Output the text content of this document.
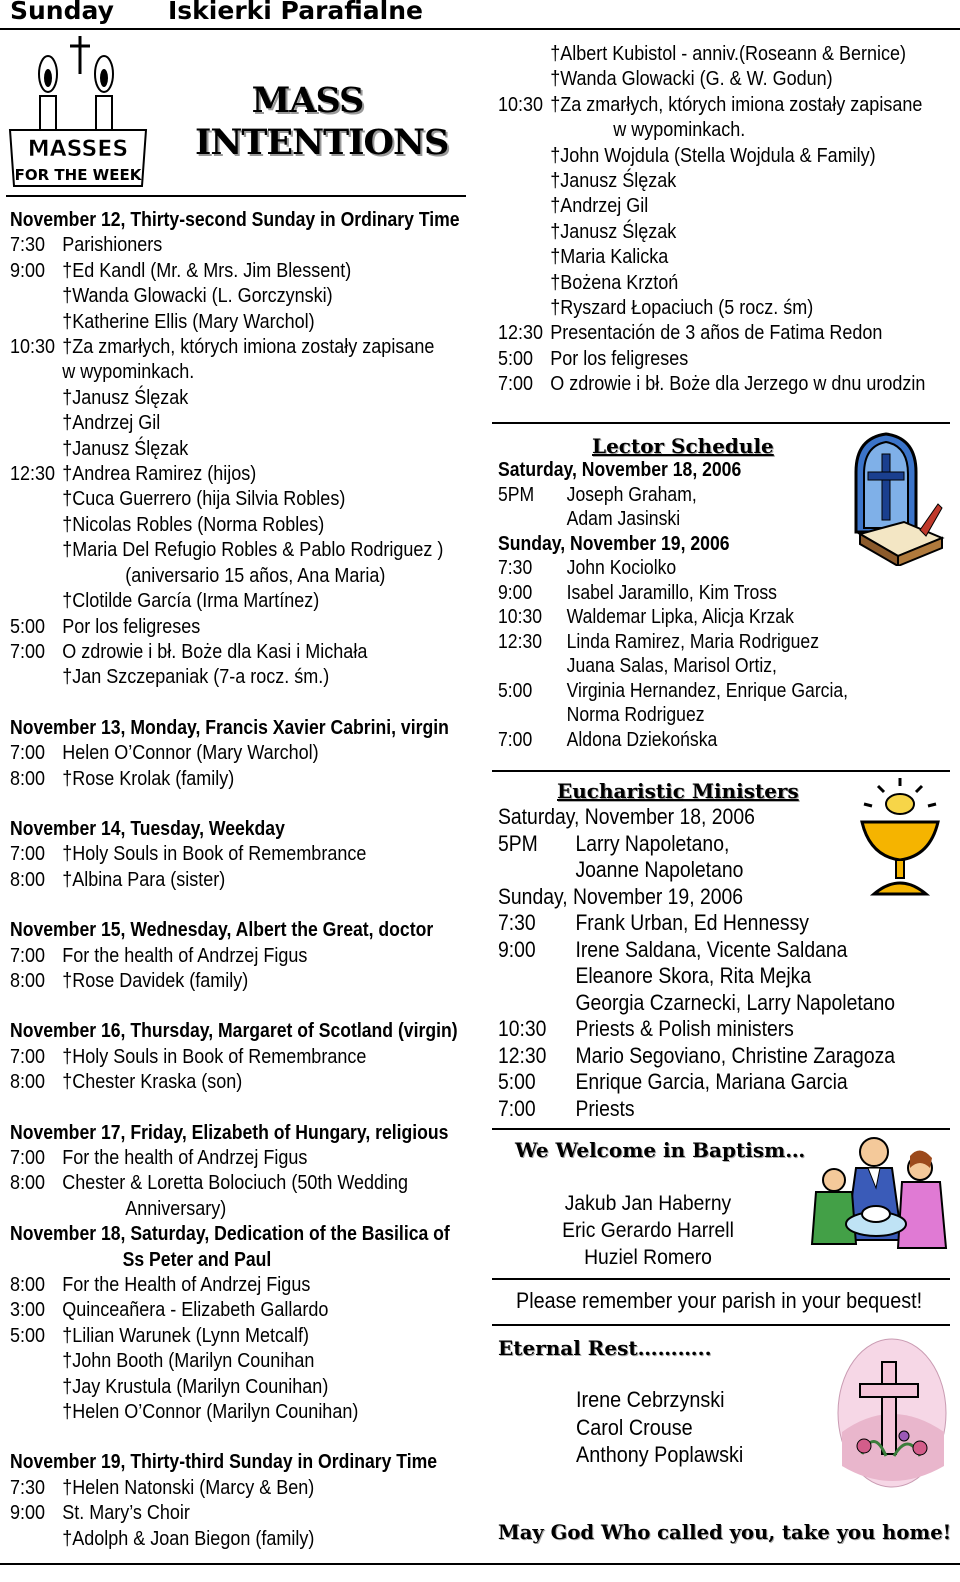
Sunday Iskierki Parafialne
MASSES
FOR THE WEEK
MASS
INTENTIONS
November 12, Thirty-second Sunday in Ordinary Time
7:30 Parishioners
9:00 †Ed Kandl (Mr. & Mrs. Jim Blessent)
†Wanda Glowacki (L. Gorczynski)
†Katherine Ellis (Mary Warchol)
10:30 †Za zmarłych, których imiona zostały zapisane
w wypominkach.
†Janusz Ślęzak
†Andrzej Gil
†Janusz Ślęzak
12:30 †Andrea Ramirez (hijos)
†Cuca Guerrero (hija Silvia Robles)
†Nicolas Robles (Norma Robles)
†Maria Del Refugio Robles & Pablo Rodriguez )
(aniversario 15 años, Ana Maria)
†Clotilde García (Irma Martínez)
5:00 Por los feligreses
7:00 O zdrowie i bł. Boże dla Kasi i Michała
†Jan Szczepaniak (7-a rocz. śm.)
November 13, Monday, Francis Xavier Cabrini, virgin
7:00 Helen O’Connor (Mary Warchol)
8:00 †Rose Krolak (family)
November 14, Tuesday, Weekday
7:00 †Holy Souls in Book of Remembrance
8:00 †Albina Para (sister)
November 15, Wednesday, Albert the Great, doctor
7:00 For the health of Andrzej Figus
8:00 †Rose Davidek (family)
November 16, Thursday, Margaret of Scotland (virgin)
7:00 †Holy Souls in Book of Remembrance
8:00 †Chester Kraska (son)
November 17, Friday, Elizabeth of Hungary, religious
7:00 For the health of Andrzej Figus
8:00 Chester & Loretta Bolociuch (50th Wedding
Anniversary)
November 18, Saturday, Dedication of the Basilica of
Ss Peter and Paul
8:00 For the Health of Andrzej Figus
3:00 Quinceañera - Elizabeth Gallardo
5:00 †Lilian Warunek (Lynn Metcalf)
†John Booth (Marilyn Counihan
†Jay Krustula (Marilyn Counihan)
†Helen O’Connor (Marilyn Counihan)
November 19, Thirty-third Sunday in Ordinary Time
7:30 †Helen Natonski (Marcy & Ben)
9:00 St. Mary’s Choir
†Adolph & Joan Biegon (family)
†Albert Kubistol - anniv.(Roseann & Bernice)
†Wanda Glowacki (G. & W. Godun)
10:30 †Za zmarłych, których imiona zostały zapisane
w wypominkach.
†John Wojdula (Stella Wojdula & Family)
†Janusz Ślęzak
†Andrzej Gil
†Janusz Ślęzak
†Maria Kalicka
†Bożena Krztoń
†Ryszard Łopaciuch (5 rocz. śm)
12:30 Presentación de 3 años de Fatima Redon
5:00 Por los feligreses
7:00 O zdrowie i bł. Boże dla Jerzego w dnu urodzin
Lector Schedule
Saturday, November 18, 2006
5PM Joseph Graham,
Adam Jasinski
Sunday, November 19, 2006
7:30 John Kociolko
9:00 Isabel Jaramillo, Kim Tross
10:30 Waldemar Lipka, Alicja Krzak
12:30 Linda Ramirez, Maria Rodriguez
Juana Salas, Marisol Ortiz,
5:00 Virginia Hernandez, Enrique Garcia,
Norma Rodriguez
7:00 Aldona Dziekońska
Eucharistic Ministers
Saturday, November 18, 2006
5PM Larry Napoletano,
Joanne Napoletano
Sunday, November 19, 2006
7:30 Frank Urban, Ed Hennessy
9:00 Irene Saldana, Vicente Saldana
Eleanore Skora, Rita Mejka
Georgia Czarnecki, Larry Napoletano
10:30 Priests & Polish ministers
12:30 Mario Segoviano, Christine Zaragoza
5:00 Enrique Garcia, Mariana Garcia
7:00 Priests
We Welcome in Baptism…
Jakub Jan Haberny
Eric Gerardo Harrell
Huziel Romero
Please remember your parish in your bequest!
Eternal Rest………..
Irene Cebrzynski
Carol Crouse
Anthony Poplawski
May God Who called you, take you home!
